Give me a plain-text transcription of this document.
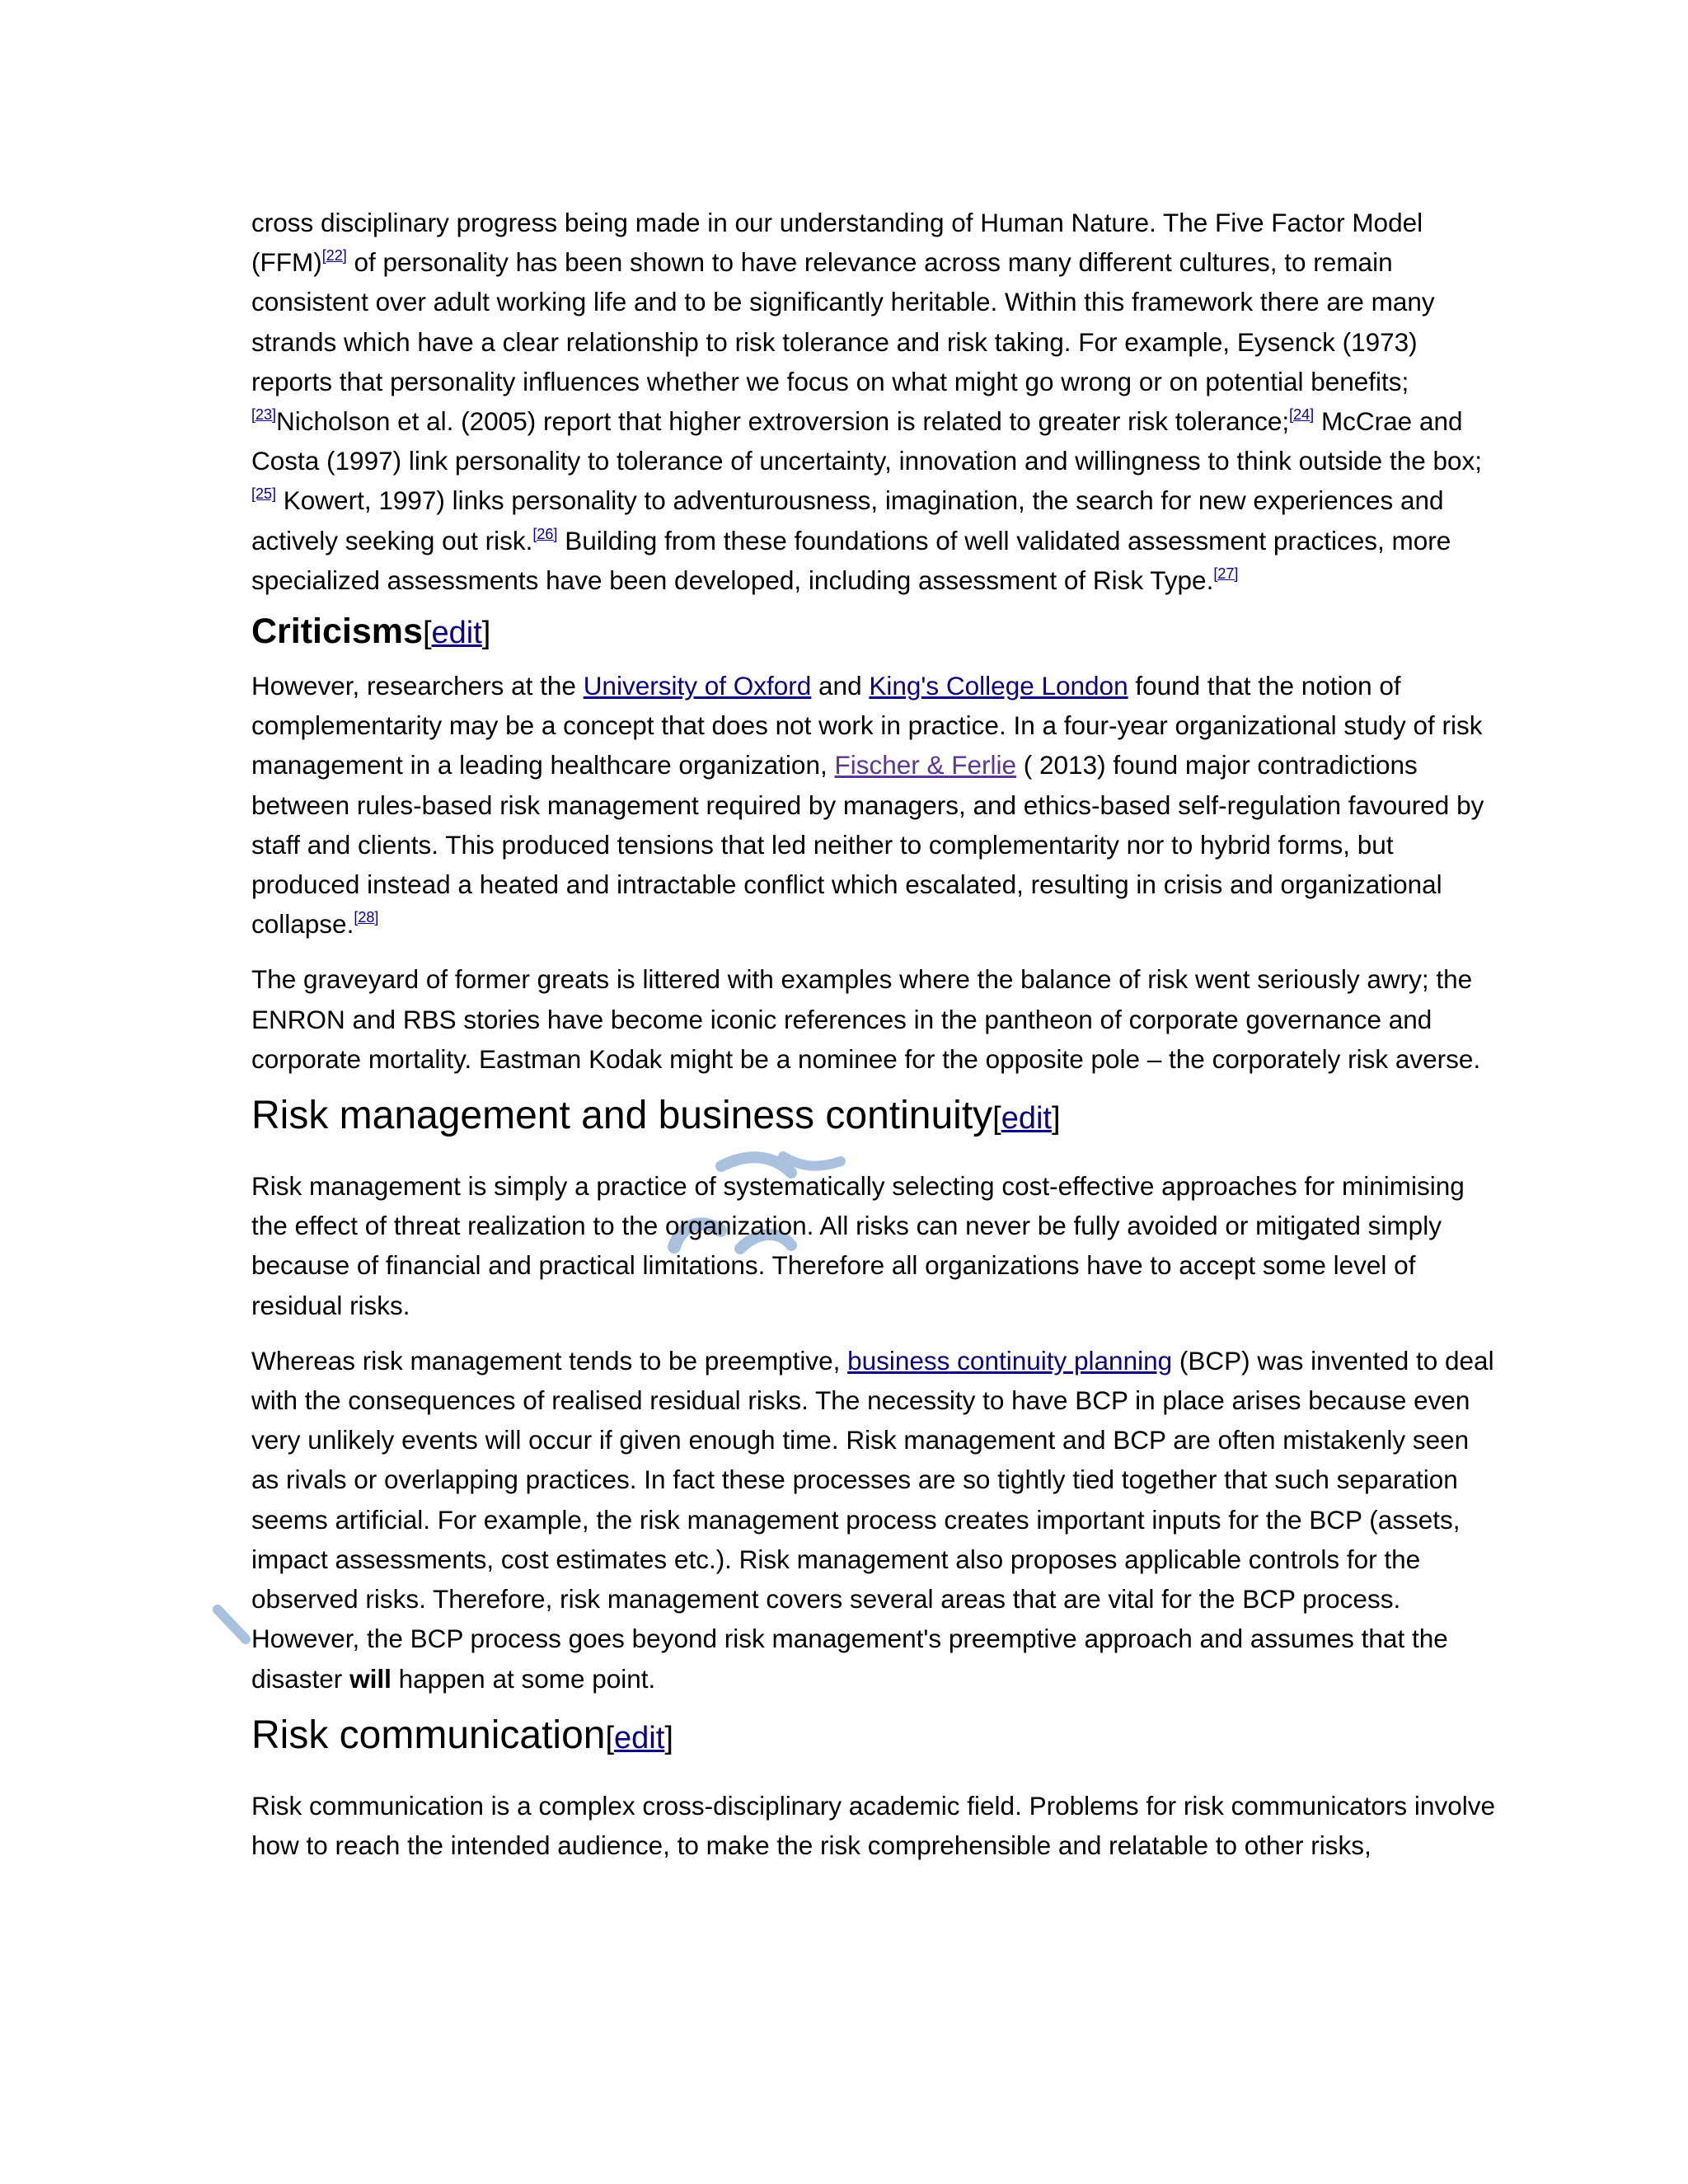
cross disciplinary progress being made in our understanding of Human Nature. The Five Factor Model (FFM)[22] of personality has been shown to have relevance across many different cultures, to remain consistent over adult working life and to be significantly heritable. Within this framework there are many strands which have a clear relationship to risk tolerance and risk taking. For example, Eysenck (1973) reports that personality influences whether we focus on what might go wrong or on potential benefits;[23]Nicholson et al. (2005) report that higher extroversion is related to greater risk tolerance;[24] McCrae and Costa (1997) link personality to tolerance of uncertainty, innovation and willingness to think outside the box;[25] Kowert, 1997) links personality to adventurousness, imagination, the search for new experiences and actively seeking out risk.[26] Building from these foundations of well validated assessment practices, more specialized assessments have been developed, including assessment of Risk Type.[27]

Criticisms[edit]

However, researchers at the University of Oxford and King's College London found that the notion of complementarity may be a concept that does not work in practice. In a four-year organizational study of risk management in a leading healthcare organization, Fischer & Ferlie ( 2013) found major contradictions between rules-based risk management required by managers, and ethics-based self-regulation favoured by staff and clients. This produced tensions that led neither to complementarity nor to hybrid forms, but produced instead a heated and intractable conflict which escalated, resulting in crisis and organizational collapse.[28]

The graveyard of former greats is littered with examples where the balance of risk went seriously awry; the ENRON and RBS stories have become iconic references in the pantheon of corporate governance and corporate mortality. Eastman Kodak might be a nominee for the opposite pole – the corporately risk averse.

Risk management and business continuity[edit]

Risk management is simply a practice of systematically selecting cost-effective approaches for minimising the effect of threat realization to the organization. All risks can never be fully avoided or mitigated simply because of financial and practical limitations. Therefore all organizations have to accept some level of residual risks.

Whereas risk management tends to be preemptive, business continuity planning (BCP) was invented to deal with the consequences of realised residual risks. The necessity to have BCP in place arises because even very unlikely events will occur if given enough time. Risk management and BCP are often mistakenly seen as rivals or overlapping practices. In fact these processes are so tightly tied together that such separation seems artificial. For example, the risk management process creates important inputs for the BCP (assets, impact assessments, cost estimates etc.). Risk management also proposes applicable controls for the observed risks. Therefore, risk management covers several areas that are vital for the BCP process. However, the BCP process goes beyond risk management's preemptive approach and assumes that the disaster will happen at some point.

Risk communication[edit]

Risk communication is a complex cross-disciplinary academic field. Problems for risk communicators involve how to reach the intended audience, to make the risk comprehensible and relatable to other risks,
